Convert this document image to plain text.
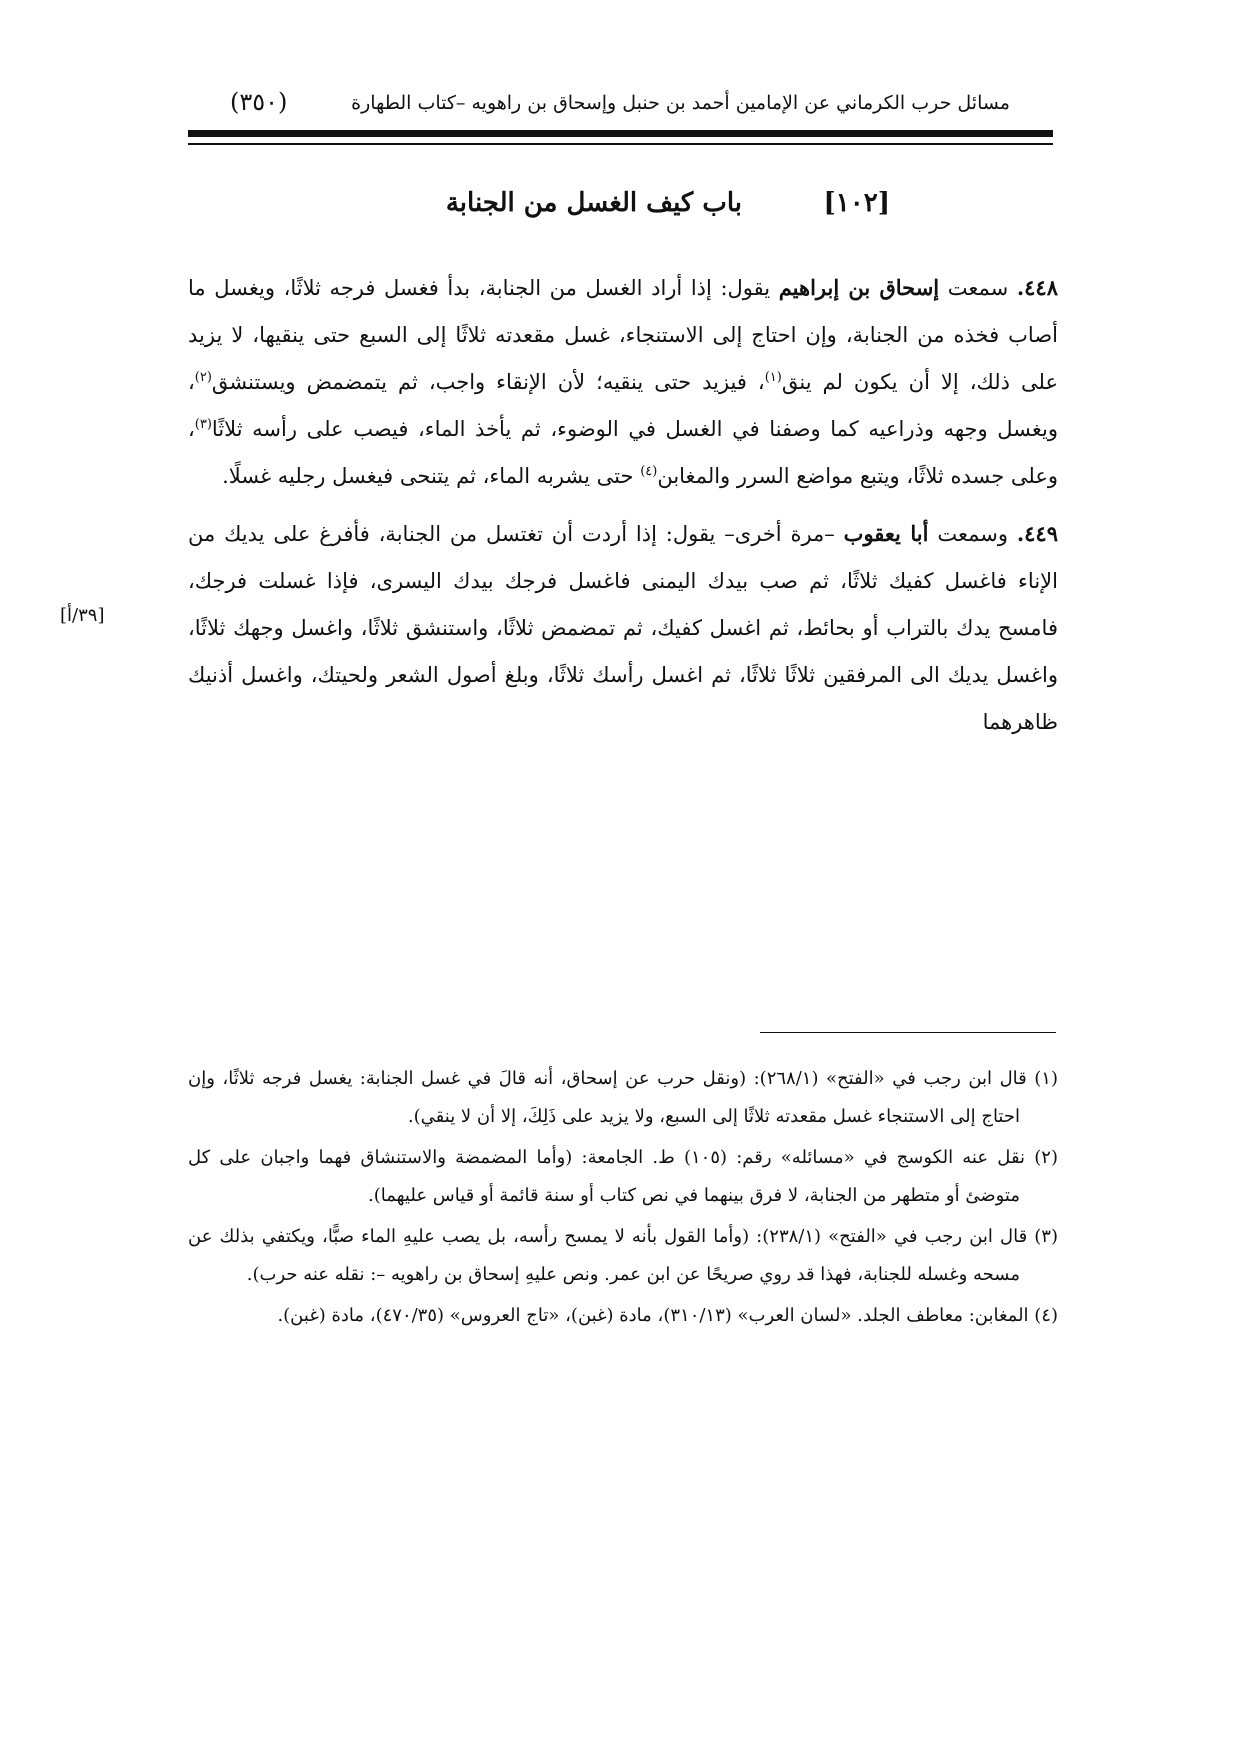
مسائل حرب الكرماني عن الإمامين أحمد بن حنبل وإسحاق بن راهويه –كتاب الطهارة
(٣٥٠)
[١٠٢]
باب كيف الغسل من الجنابة

٤٤٨. سمعت إسحاق بن إبراهيم يقول: إذا أراد الغسل من الجنابة، بدأ فغسل فرجه ثلاثًا، ويغسل ما أصاب فخذه من الجنابة، وإن احتاج إلى الاستنجاء، غسل مقعدته ثلاثًا إلى السبع حتى ينقيها، لا يزيد على ذلك، إلا أن يكون لم ينق$^{(١)}$، فيزيد حتى ينقيه؛ لأن الإنقاء واجب، ثم يتمضمض ويستنشق$^{(٢)}$، ويغسل وجهه وذراعيه كما وصفنا في الغسل في الوضوء، ثم يأخذ الماء، فيصب على رأسه ثلاثًا$^{(٣)}$، وعلى جسده ثلاثًا، ويتبع مواضع السرر والمغابن$^{(٤)}$ حتى يشربه الماء، ثم يتنحى فيغسل رجليه غسلًا.

٤٤٩. وسمعت أبا يعقوب –مرة أخرى– يقول: إذا أردت أن تغتسل من الجنابة، فأفرغ على يديك من الإناء فاغسل كفيك ثلاثًا، ثم صب بيدك اليمنى فاغسل فرجك بيدك اليسرى، فإذا غسلت فرجك، فامسح يدك بالتراب أو بحائط، ثم اغسل كفيك، ثم تمضمض ثلاثًا، واستنشق ثلاثًا، واغسل وجهك ثلاثًا، واغسل يديك الى المرفقين ثلاثًا ثلاثًا، ثم اغسل رأسك ثلاثًا، وبلغ أصول الشعر ولحيتك، واغسل أذنيك ظاهرهما

[٣٩/أ]

(١) قال ابن رجب في «الفتح» (٢٦٨/١): (ونقل حرب عن إسحاق، أنه قالَ في غسل الجنابة: يغسل فرجه ثلاثًا، وإن احتاج إلى الاستنجاء غسل مقعدته ثلاثًا إلى السبع، ولا يزيد على ذَلِكَ، إلا أن لا ينقي).

(٢) نقل عنه الكوسج في «مسائله» رقم: (١٠٥) ط. الجامعة: (وأما المضمضة والاستنشاق فهما واجبان على كل متوضئ أو متطهر من الجنابة، لا فرق بينهما في نص كتاب أو سنة قائمة أو قياس عليهما).

(٣) قال ابن رجب في «الفتح» (٢٣٨/١): (وأما القول بأنه لا يمسح رأسه، بل يصب عليهِ الماء صبًّا، ويكتفي بذلك عن مسحه وغسله للجنابة، فهذا قد روي صريحًا عن ابن عمر. ونص عليهِ إسحاق بن راهويه –: نقله عنه حرب).

(٤) المغابن: معاطف الجلد. «لسان العرب» (٣١٠/١٣)، مادة (غبن)، «تاج العروس» (٤٧٠/٣٥)، مادة (غبن).
